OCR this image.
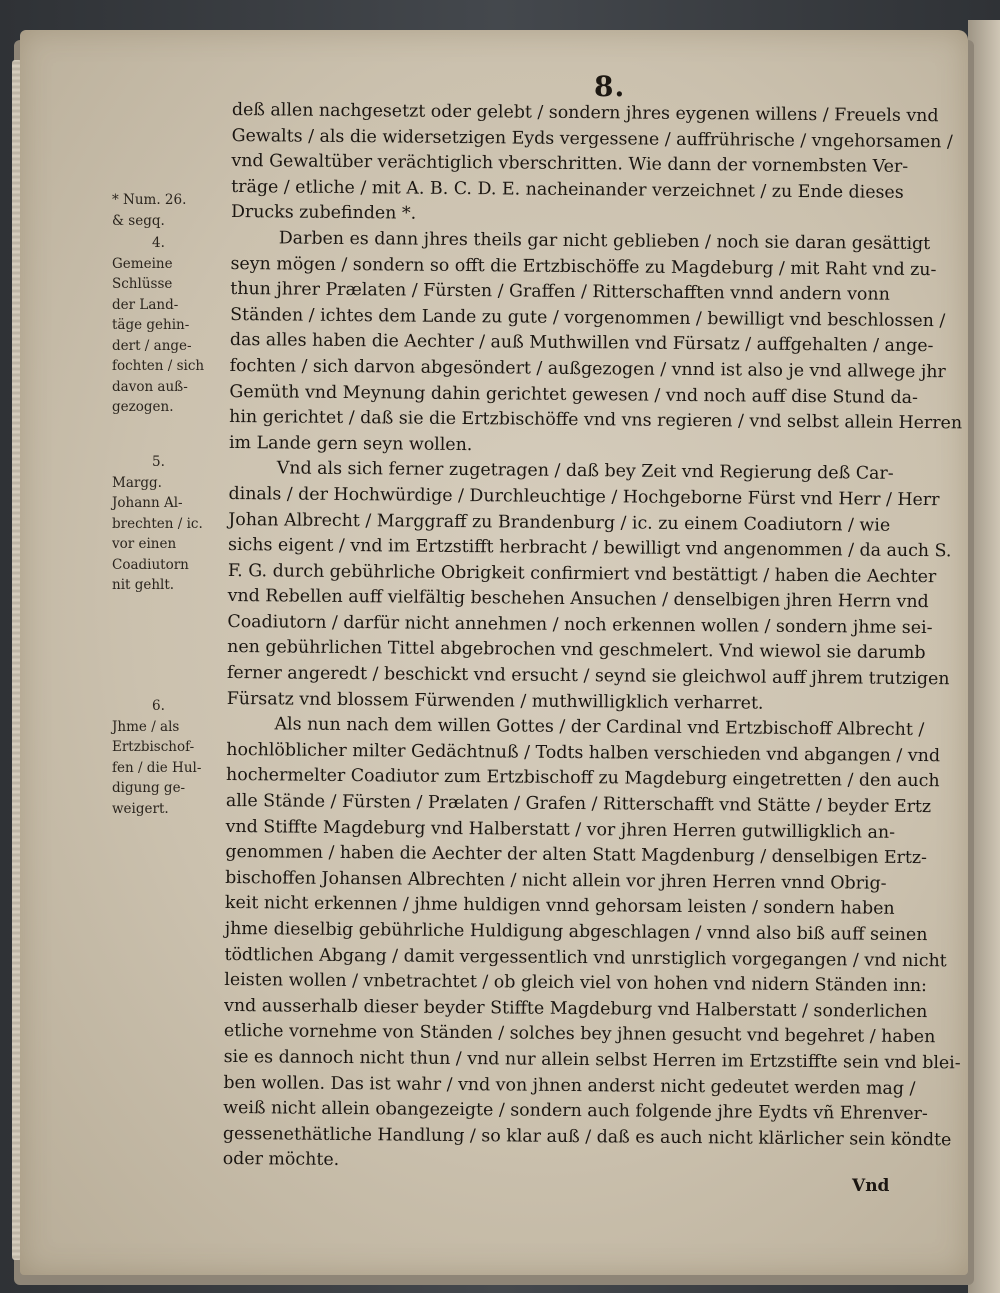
8.
deß allen nachgesetzt oder gelebt / sondern jhres eygenen willens / Freuels vnd
Gewalts / als die widersetzigen Eyds vergessene / auffrührische / vngehorsamen /
vnd Gewaltüber verächtiglich vberschritten. Wie dann der vornembsten Ver-
träge / etliche / mit A. B. C. D. E. nacheinander verzeichnet / zu Ende dieses
Drucks zubefinden *.
Darben es dann jhres theils gar nicht geblieben / noch sie daran gesättigt
seyn mögen / sondern so offt die Ertzbischöffe zu Magdeburg / mit Raht vnd zu-
thun jhrer Prælaten / Fürsten / Graffen / Ritterschafften vnnd andern vonn
Ständen / ichtes dem Lande zu gute / vorgenommen / bewilligt vnd beschlossen /
das alles haben die Aechter / auß Muthwillen vnd Fürsatz / auffgehalten / ange-
fochten / sich darvon abgesöndert / außgezogen / vnnd ist also je vnd allwege jhr
Gemüth vnd Meynung dahin gerichtet gewesen / vnd noch auff dise Stund da-
hin gerichtet / daß sie die Ertzbischöffe vnd vns regieren / vnd selbst allein Herren
im Lande gern seyn wollen.
Vnd als sich ferner zugetragen / daß bey Zeit vnd Regierung deß Car-
dinals / der Hochwürdige / Durchleuchtige / Hochgeborne Fürst vnd Herr / Herr
Johan Albrecht / Marggraff zu Brandenburg / ic. zu einem Coadiutorn / wie
sichs eigent / vnd im Ertzstifft herbracht / bewilligt vnd angenommen / da auch S.
F. G. durch gebührliche Obrigkeit confirmiert vnd bestättigt / haben die Aechter
vnd Rebellen auff vielfältig beschehen Ansuchen / denselbigen jhren Herrn vnd
Coadiutorn / darfür nicht annehmen / noch erkennen wollen / sondern jhme sei-
nen gebührlichen Tittel abgebrochen vnd geschmelert. Vnd wiewol sie darumb
ferner angeredt / beschickt vnd ersucht / seynd sie gleichwol auff jhrem trutzigen
Fürsatz vnd blossem Fürwenden / muthwilligklich verharret.
Als nun nach dem willen Gottes / der Cardinal vnd Ertzbischoff Albrecht /
hochlöblicher milter Gedächtnuß / Todts halben verschieden vnd abgangen / vnd
hochermelter Coadiutor zum Ertzbischoff zu Magdeburg eingetretten / den auch
alle Stände / Fürsten / Prælaten / Grafen / Ritterschafft vnd Stätte / beyder Ertz
vnd Stiffte Magdeburg vnd Halberstatt / vor jhren Herren gutwilligklich an-
genommen / haben die Aechter der alten Statt Magdenburg / denselbigen Ertz-
bischoffen Johansen Albrechten / nicht allein vor jhren Herren vnnd Obrig-
keit nicht erkennen / jhme huldigen vnnd gehorsam leisten / sondern haben
jhme dieselbig gebührliche Huldigung abgeschlagen / vnnd also biß auff seinen
tödtlichen Abgang / damit vergessentlich vnd unrstiglich vorgegangen / vnd nicht
leisten wollen / vnbetrachtet / ob gleich viel von hohen vnd nidern Ständen inn:
vnd ausserhalb dieser beyder Stiffte Magdeburg vnd Halberstatt / sonderlichen
etliche vornehme von Ständen / solches bey jhnen gesucht vnd begehret / haben
sie es dannoch nicht thun / vnd nur allein selbst Herren im Ertzstiffte sein vnd blei-
ben wollen. Das ist wahr / vnd von jhnen anderst nicht gedeutet werden mag /
weiß nicht allein obangezeigte / sondern auch folgende jhre Eydts vñ Ehrenver-
gessenethätliche Handlung / so klar auß / daß es auch nicht klärlicher sein köndte
oder möchte.
* Num. 26.
& segq.
4.
Gemeine
Schlüsse
der Land-
täge gehin-
dert / ange-
fochten / sich
davon auß-
gezogen.
5.
Margg.
Johann Al-
brechten / ic.
vor einen
Coadiutorn
nit gehlt.
6.
Jhme / als
Ertzbischof-
fen / die Hul-
digung ge-
weigert.
Vnd
